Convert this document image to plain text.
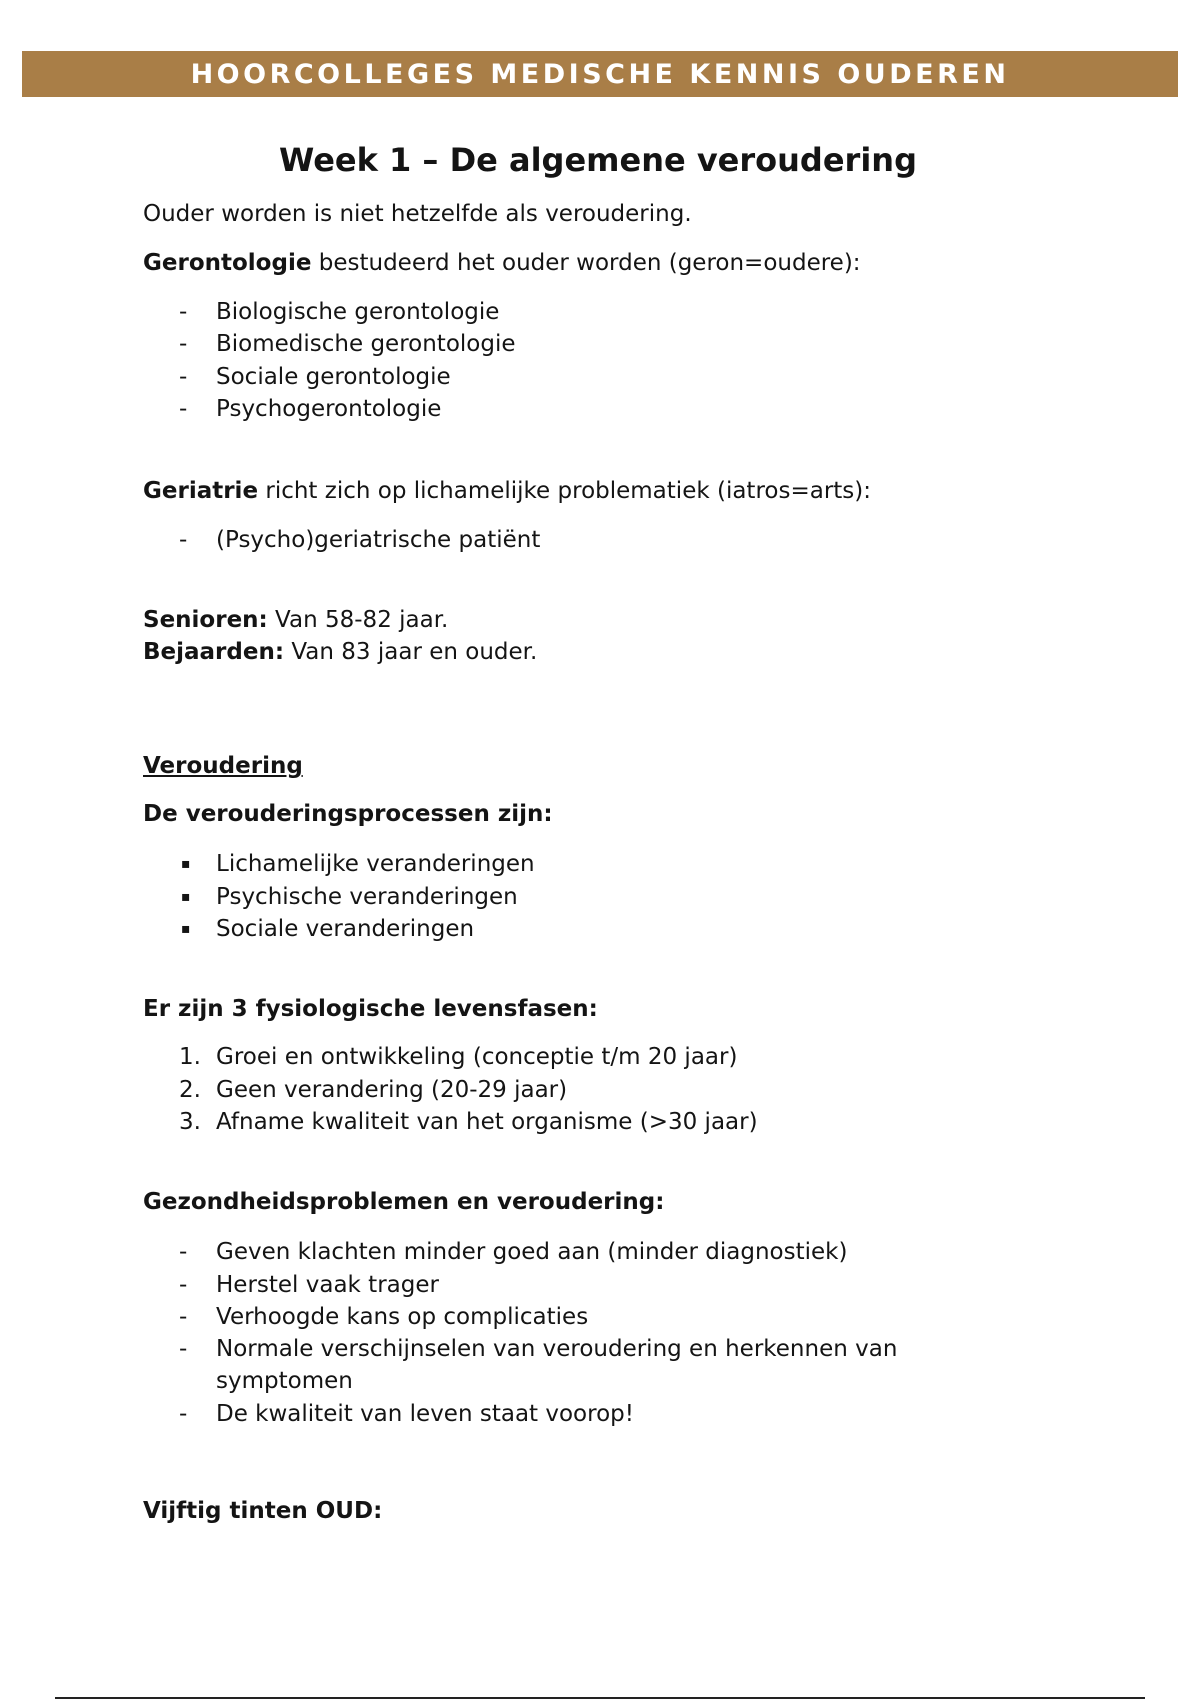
HOORCOLLEGES MEDISCHE KENNIS OUDEREN
Week 1 – De algemene veroudering

Ouder worden is niet hetzelfde als veroudering.

Gerontologie bestudeerd het ouder worden (geron=oudere):

- Biologische gerontologie
- Biomedische gerontologie
- Sociale gerontologie
- Psychogerontologie

Geriatrie richt zich op lichamelijke problematiek (iatros=arts):

- (Psycho)geriatrische patiënt

Senioren: Van 58-82 jaar.

Bejaarden: Van 83 jaar en ouder.

Veroudering

De verouderingsprocessen zijn:

▪ Lichamelijke veranderingen
▪ Psychische veranderingen
▪ Sociale veranderingen

Er zijn 3 fysiologische levensfasen:

1. Groei en ontwikkeling (conceptie t/m 20 jaar)
2. Geen verandering (20-29 jaar)
3. Afname kwaliteit van het organisme (>30 jaar)

Gezondheidsproblemen en veroudering:

- Geven klachten minder goed aan (minder diagnostiek)
- Herstel vaak trager
- Verhoogde kans op complicaties
- Normale verschijnselen van veroudering en herkennen van symptomen
- De kwaliteit van leven staat voorop!

Vijftig tinten OUD:
